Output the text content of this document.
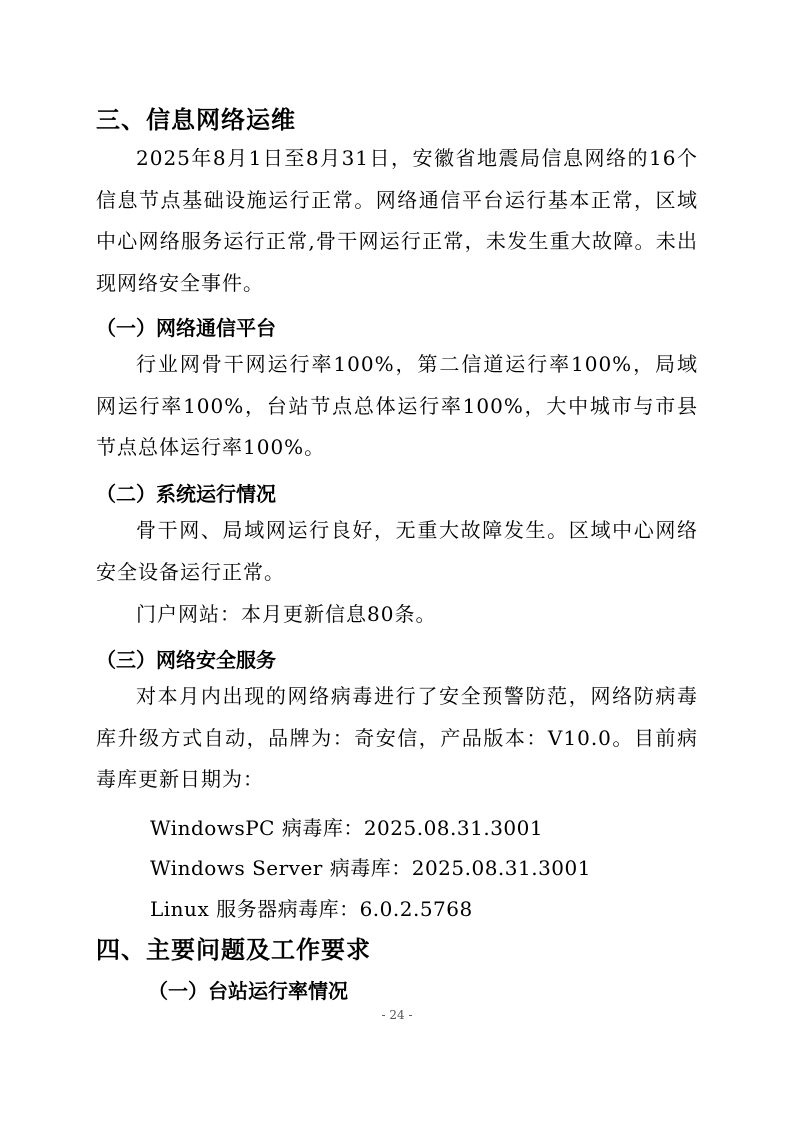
三、信息网络运维
2025年8月1日至8月31日，安徽省地震局信息网络的16个信息节点基础设施运行正常。网络通信平台运行基本正常，区域中心网络服务运行正常,骨干网运行正常，未发生重大故障。未出现网络安全事件。
（一）网络通信平台
行业网骨干网运行率100%，第二信道运行率100%，局域网运行率100%，台站节点总体运行率100%，大中城市与市县节点总体运行率100%。
（二）系统运行情况
骨干网、局域网运行良好，无重大故障发生。区域中心网络安全设备运行正常。
门户网站：本月更新信息80条。
（三）网络安全服务
对本月内出现的网络病毒进行了安全预警防范，网络防病毒库升级方式自动，品牌为：奇安信，产品版本：V10.0。目前病毒库更新日期为：
WindowsPC 病毒库：2025.08.31.3001
Windows Server 病毒库：2025.08.31.3001
Linux 服务器病毒库：6.0.2.5768
四、主要问题及工作要求
（一）台站运行率情况
- 24 -
